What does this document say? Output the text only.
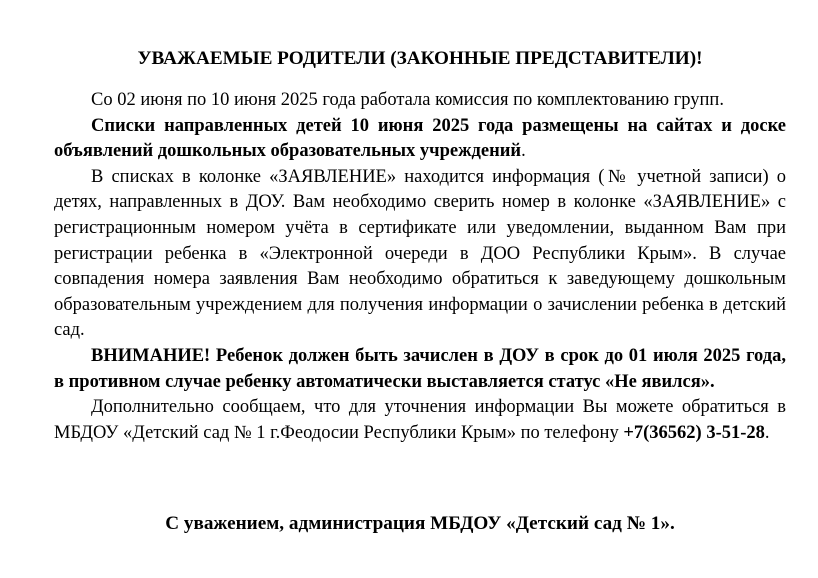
УВАЖАЕМЫЕ РОДИТЕЛИ (ЗАКОННЫЕ ПРЕДСТАВИТЕЛИ)!

Со 02 июня по 10 июня 2025 года работала комиссия по комплектованию групп.

Списки направленных детей 10 июня 2025 года размещены на сайтах и доске объявлений дошкольных образовательных учреждений.

В списках в колонке «ЗАЯВЛЕНИЕ» находится информация (№ учетной записи) о детях, направленных в ДОУ. Вам необходимо сверить номер в колонке «ЗАЯВЛЕНИЕ» с регистрационным номером учёта в сертификате или уведомлении, выданном Вам при регистрации ребенка в «Электронной очереди в ДОО Республики Крым». В случае совпадения номера заявления Вам необходимо обратиться к заведующему дошкольным образовательным учреждением для получения информации о зачислении ребенка в детский сад.

ВНИМАНИЕ! Ребенок должен быть зачислен в ДОУ в срок до 01 июля 2025 года, в противном случае ребенку автоматически выставляется статус «Не явился».

Дополнительно сообщаем, что для уточнения информации Вы можете обратиться в МБДОУ «Детский сад № 1 г.Феодосии Республики Крым» по телефону +7(36562) 3-51-28.

С уважением, администрация МБДОУ «Детский сад № 1».
